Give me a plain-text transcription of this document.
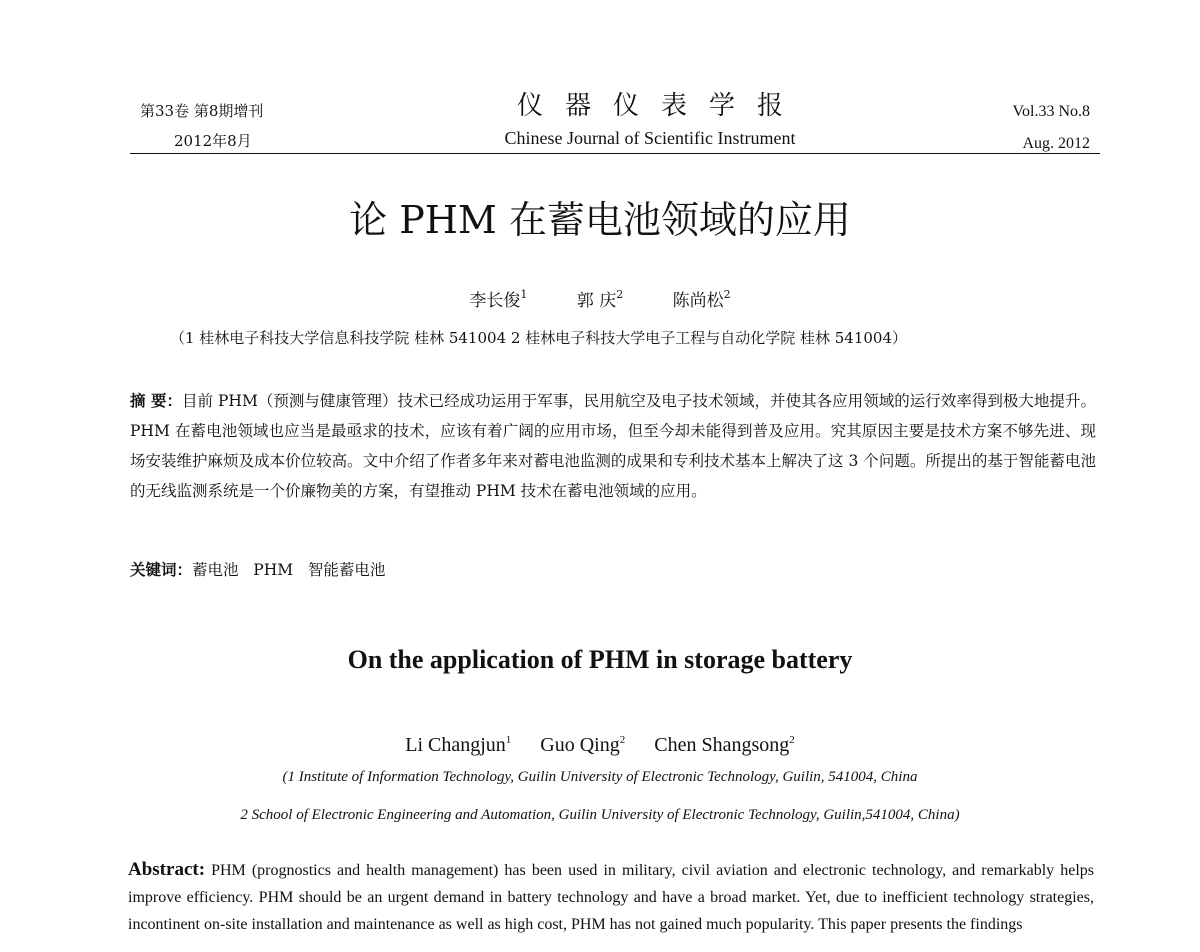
第33卷 第8期增刊
2012年8月
仪器仪表学报
Chinese Journal of Scientific Instrument
Vol.33 No.8
Aug. 2012
论 PHM 在蓄电池领域的应用
李长俊$^1$	郭 庆$^2$	陈尚松$^2$
（1 桂林电子科技大学信息科技学院 桂林 541004 2 桂林电子科技大学电子工程与自动化学院 桂林 541004）
摘 要：目前 PHM（预测与健康管理）技术已经成功运用于军事，民用航空及电子技术领域，并使其各应用领域的运行效率得到极大地提升。PHM 在蓄电池领域也应当是最亟求的技术，应该有着广阔的应用市场，但至今却未能得到普及应用。究其原因主要是技术方案不够先进、现场安装维护麻烦及成本价位较高。文中介绍了作者多年来对蓄电池监测的成果和专利技术基本上解决了这 3 个问题。所提出的基于智能蓄电池的无线监测系统是一个价廉物美的方案，有望推动 PHM 技术在蓄电池领域的应用。
关键词：蓄电池   PHM   智能蓄电池
On the application of PHM in storage battery
Li Changjun$^1$ Guo Qing$^2$ Chen Shangsong$^2$
(1 Institute of Information Technology, Guilin University of Electronic Technology, Guilin, 541004, China
2 School of Electronic Engineering and Automation, Guilin University of Electronic Technology, Guilin,541004, China)
Abstract: PHM (prognostics and health management) has been used in military, civil aviation and electronic technology, and remarkably helps improve efficiency. PHM should be an urgent demand in battery technology and have a broad market. Yet, due to inefficient technology strategies, incontinent on-site installation and maintenance as well as high cost, PHM has not gained much popularity. This paper presents the findings
